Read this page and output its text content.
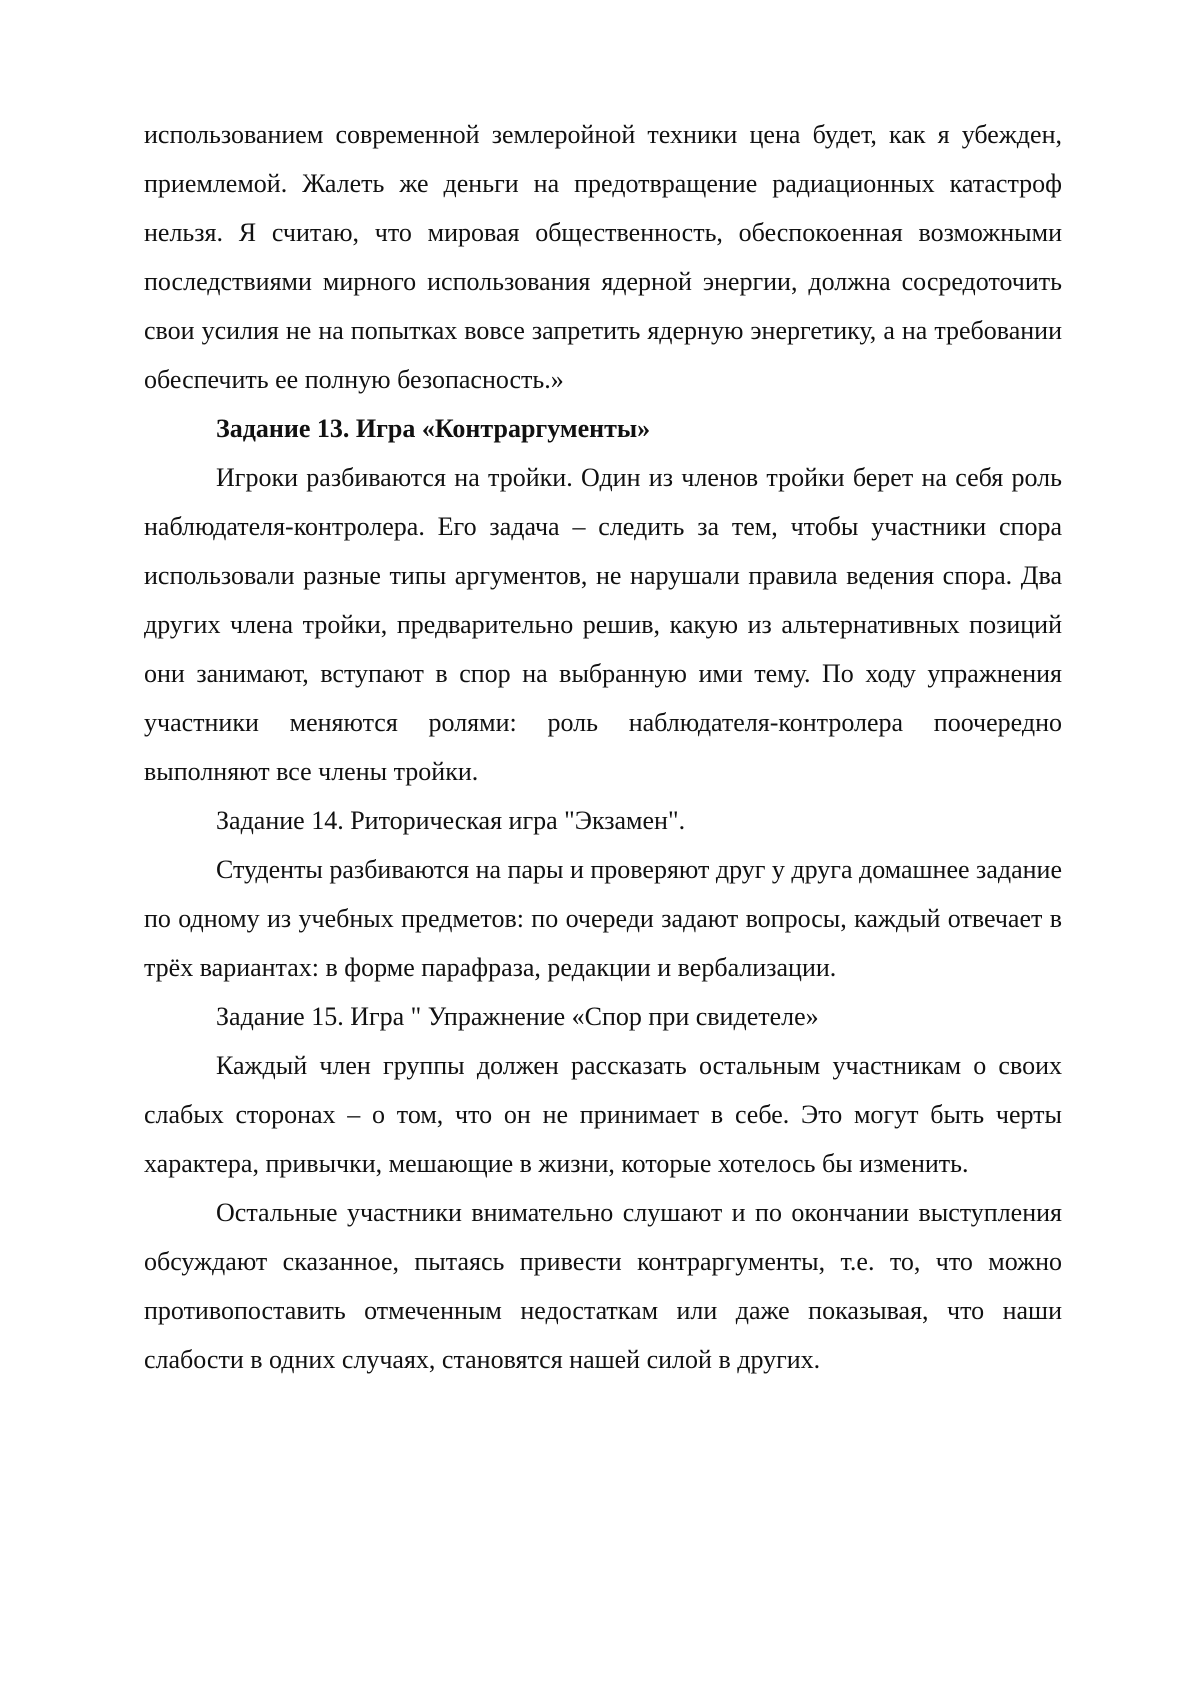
использованием современной землеройной техники цена будет, как я убежден, приемлемой. Жалеть же деньги на предотвращение радиационных катастроф нельзя. Я считаю, что мировая общественность, обеспокоенная возможными последствиями мирного использования ядерной энергии, должна сосредоточить свои усилия не на попытках вовсе запретить ядерную энергетику, а на требовании обеспечить ее полную безопасность.»

Задание 13. Игра «Контраргументы»

Игроки разбиваются на тройки. Один из членов тройки берет на себя роль наблюдателя-контролера. Его задача – следить за тем, чтобы участники спора использовали разные типы аргументов, не нарушали правила ведения спора. Два других члена тройки, предварительно решив, какую из альтернативных позиций они занимают, вступают в спор на выбранную ими тему. По ходу упражнения участники меняются ролями: роль наблюдателя-контролера поочередно выполняют все члены тройки.

Задание 14. Риторическая игра "Экзамен".

Студенты разбиваются на пары и проверяют друг у друга домашнее задание по одному из учебных предметов: по очереди задают вопросы, каждый отвечает в трёх вариантах: в форме парафраза, редакции и вербализации.

Задание 15. Игра " Упражнение «Спор при свидетеле»

Каждый член группы должен рассказать остальным участникам о своих слабых сторонах – о том, что он не принимает в себе. Это могут быть черты характера, привычки, мешающие в жизни, которые хотелось бы изменить.

Остальные участники внимательно слушают и по окончании выступления обсуждают сказанное, пытаясь привести контраргументы, т.е. то, что можно противопоставить отмеченным недостаткам или даже показывая, что наши слабости в одних случаях, становятся нашей силой в других.
